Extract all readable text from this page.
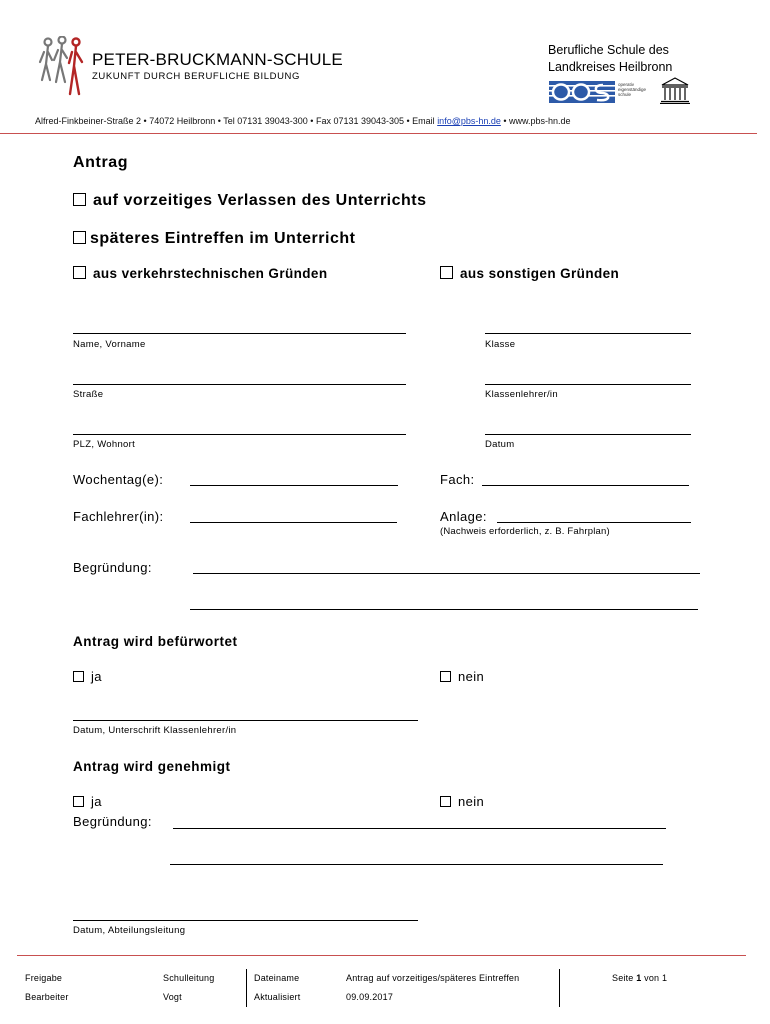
PETER-BRUCKMANN-SCHULE
ZUKUNFT DURCH BERUFLICHE BILDUNG
Berufliche Schule des
Landkreises Heilbronn
operativ eigenständige schule
Alfred-Finkbeiner-Straße 2 • 74072 Heilbronn • Tel 07131 39043-300 • Fax 07131 39043-305 • Email info@pbs-hn.de • www.pbs-hn.de
Antrag
auf vorzeitiges Verlassen des Unterrichts
späteres Eintreffen im Unterricht
aus verkehrstechnischen Gründen	aus sonstigen Gründen
Name, Vorname	Klasse
Straße	Klassenlehrer/in
PLZ, Wohnort	Datum
Wochentag(e):	Fach:
Fachlehrer(in):	Anlage:
(Nachweis erforderlich, z. B. Fahrplan)
Begründung:
Antrag wird befürwortet
ja	nein
Datum, Unterschrift Klassenlehrer/in
Antrag wird genehmigt
ja	nein
Begründung:
Datum, Abteilungsleitung
Freigabe	Schulleitung	Dateiname	Antrag auf vorzeitiges/späteres Eintreffen	Seite 1 von 1
Bearbeiter	Vogt	Aktualisiert	09.09.2017
